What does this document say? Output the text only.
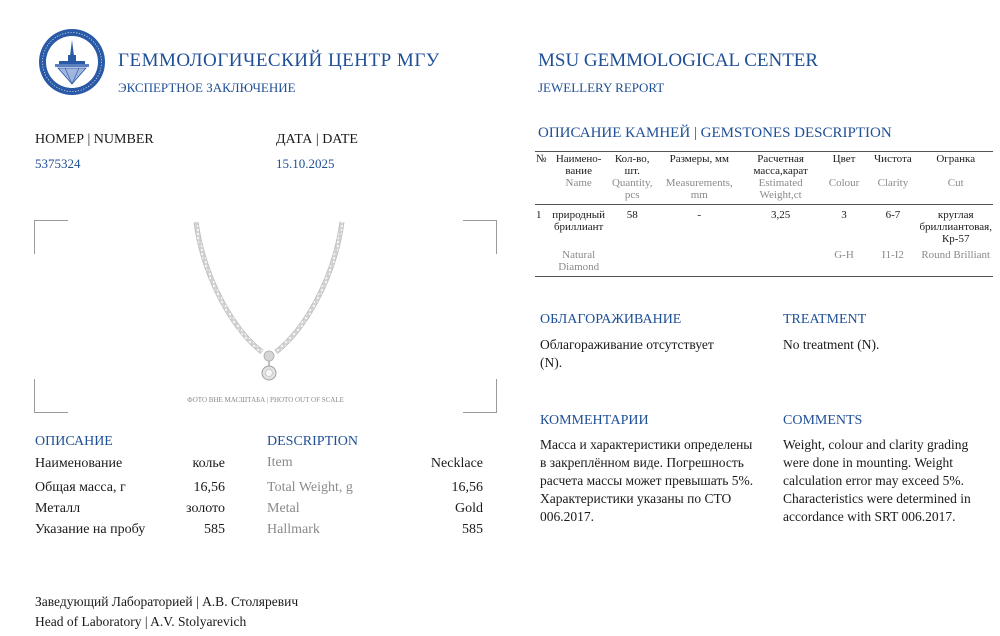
ГЕММОЛОГИЧЕСКИЙ ЦЕНТР МГУ
ЭКСПЕРТНОЕ ЗАКЛЮЧЕНИЕ
MSU GEMMOLOGICAL CENTER
JEWELLERY REPORT
НОМЕР | NUMBER
5375324
ДАТА | DATE
15.10.2025
ФОТО ВНЕ МАСШТАБА | PHOTO OUT OF SCALE
ОПИСАНИЕ	DESCRIPTION
Наименование	колье	Item	Necklace
Общая масса, г	16,56	Total Weight, g	16,56
Металл	золото	Metal	Gold
Указание на пробу	585	Hallmark	585
Заведующий Лабораторией | А.В. Столяревич
Head of Laboratory | A.V. Stolyarevich
ОПИСАНИЕ КАМНЕЙ | GEMSTONES DESCRIPTION
№	Наимено-вание	Кол-во, шт.	Размеры, мм	Расчетная масса,карат	Цвет	Чистота	Огранка
	Name	Quantity, pcs	Measurements, mm	Estimated Weight,ct	Colour	Clarity	Cut
1	природный бриллиант	58	-	3,25	3	6-7	круглая бриллиантовая, Кр-57
	Natural Diamond				G-H	I1-I2	Round Brilliant
ОБЛАГОРАЖИВАНИЕ	TREATMENT
Облагораживание отсутствует (N).
No treatment (N).
КОММЕНТАРИИ	COMMENTS
Масса и характеристики определены в закреплённом виде. Погрешность расчета массы может превышать 5%. Характеристики указаны по СТО 006.2017.
Weight, colour and clarity grading were done in mounting. Weight calculation error may exceed 5%. Characteristics were determined in accordance with SRT 006.2017.
